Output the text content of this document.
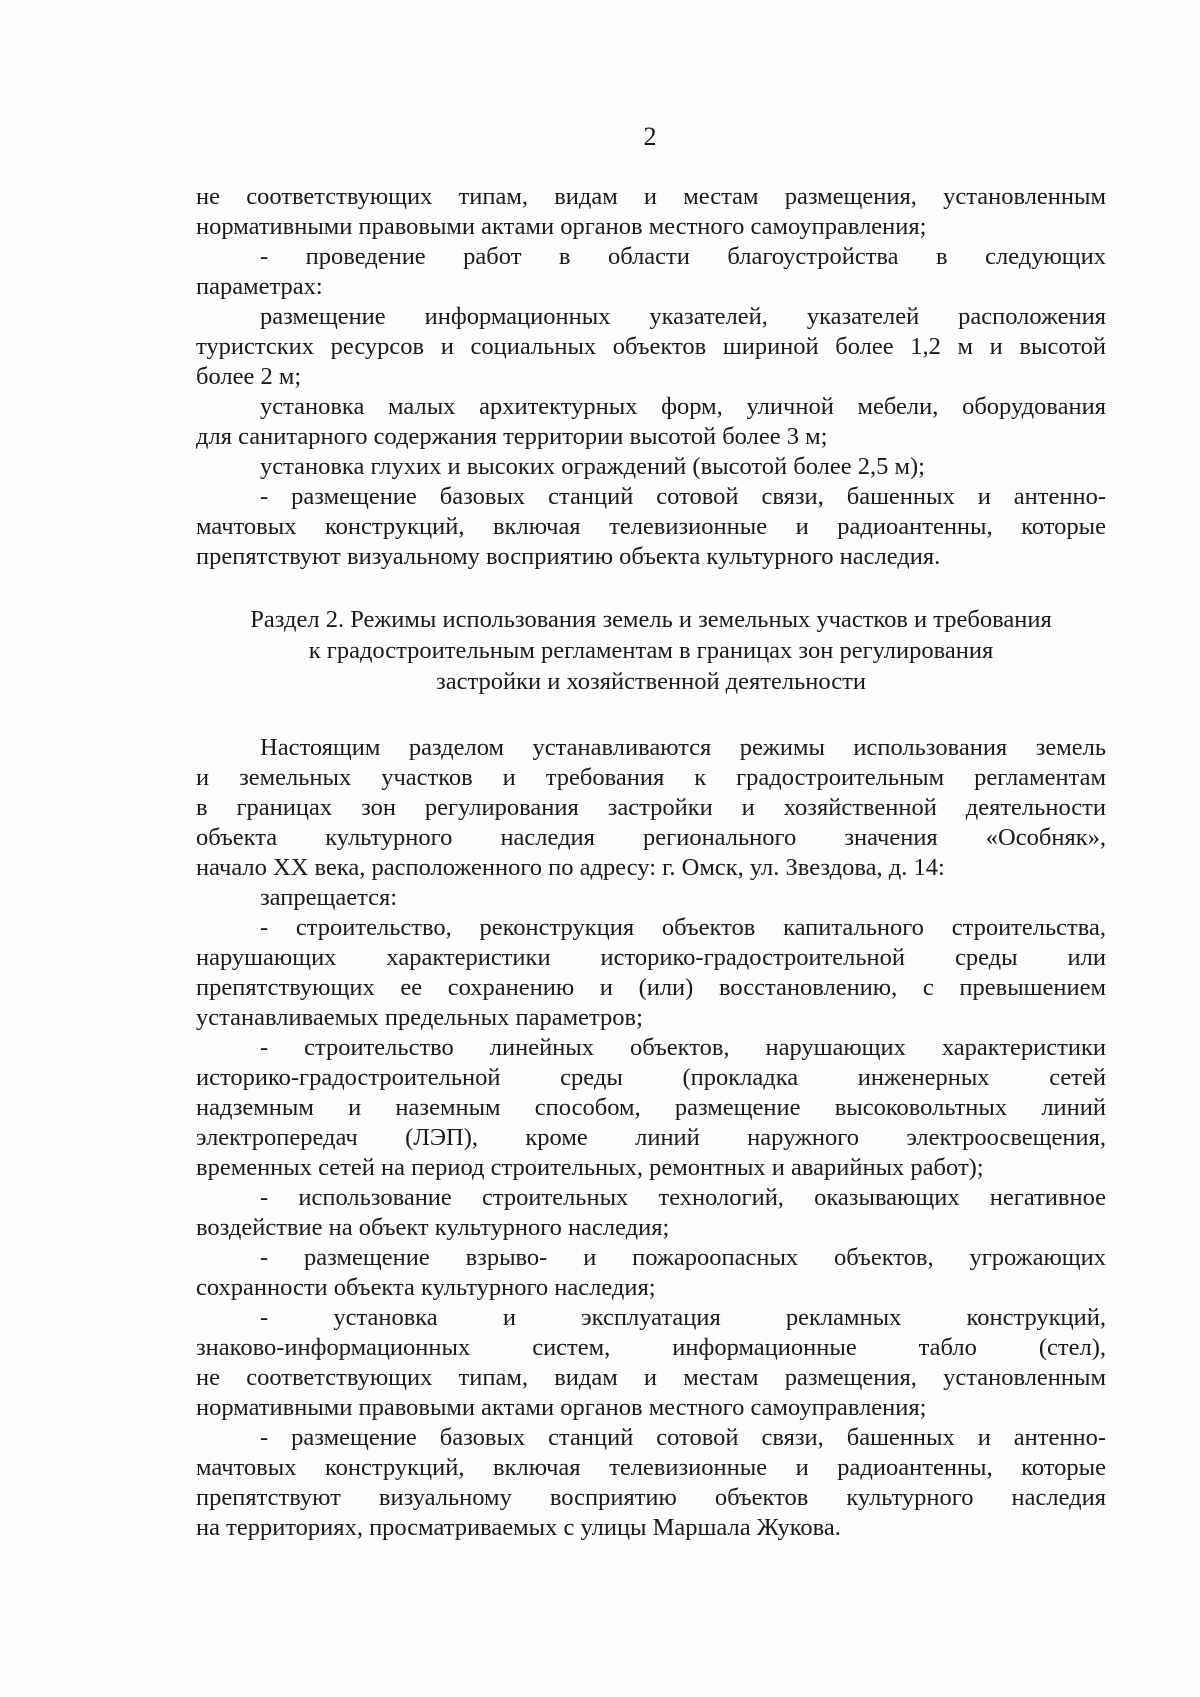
2

не соответствующих типам, видам и местам размещения, установленным

нормативными правовыми актами органов местного самоуправления;

- проведение работ в области благоустройства в следующих

параметрах:

размещение информационных указателей, указателей расположения

туристских ресурсов и социальных объектов шириной более 1,2 м и высотой

более 2 м;

установка малых архитектурных форм, уличной мебели, оборудования

для санитарного содержания территории высотой более 3 м;

установка глухих и высоких ограждений (высотой более 2,5 м);

- размещение базовых станций сотовой связи, башенных и антенно-

мачтовых конструкций, включая телевизионные и радиоантенны, которые

препятствуют визуальному восприятию объекта культурного наследия.

Раздел 2. Режимы использования земель и земельных участков и требования
к градостроительным регламентам в границах зон регулирования
застройки и хозяйственной деятельности

Настоящим разделом устанавливаются режимы использования земель

и земельных участков и требования к градостроительным регламентам

в границах зон регулирования застройки и хозяйственной деятельности

объекта культурного наследия регионального значения «Особняк»,

начало XX века, расположенного по адресу: г. Омск, ул. Звездова, д. 14:

запрещается:

- строительство, реконструкция объектов капитального строительства,

нарушающих характеристики историко-градостроительной среды или

препятствующих ее сохранению и (или) восстановлению, с превышением

устанавливаемых предельных параметров;

- строительство линейных объектов, нарушающих характеристики

историко-градостроительной среды (прокладка инженерных сетей

надземным и наземным способом, размещение высоковольтных линий

электропередач (ЛЭП), кроме линий наружного электроосвещения,

временных сетей на период строительных, ремонтных и аварийных работ);

- использование строительных технологий, оказывающих негативное

воздействие на объект культурного наследия;

- размещение взрыво- и пожароопасных объектов, угрожающих

сохранности объекта культурного наследия;

- установка и эксплуатация рекламных конструкций,

знаково-информационных систем, информационные табло (стел),

не соответствующих типам, видам и местам размещения, установленным

нормативными правовыми актами органов местного самоуправления;

- размещение базовых станций сотовой связи, башенных и антенно-

мачтовых конструкций, включая телевизионные и радиоантенны, которые

препятствуют визуальному восприятию объектов культурного наследия

на территориях, просматриваемых с улицы Маршала Жукова.
